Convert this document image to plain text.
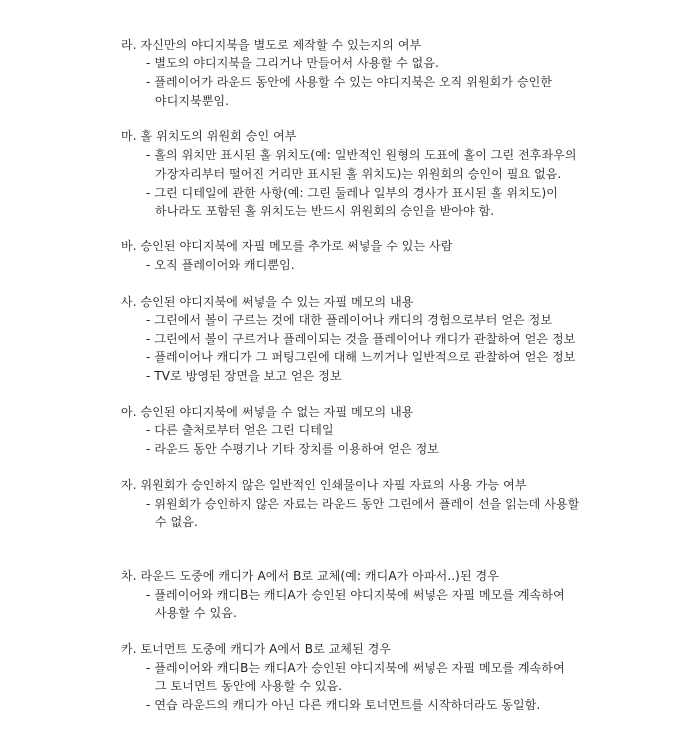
라. 자신만의 야디지북을 별도로 제작할 수 있는지의 여부
- 별도의 야디지북을 그리거나 만들어서 사용할 수 없음.
- 플레이어가 라운드 동안에 사용할 수 있는 야디지북은 오직 위원회가 승인한
야디지북뿐임.
마. 홀 위치도의 위원회 승인 여부
- 홀의 위치만 표시된 홀 위치도(예: 일반적인 원형의 도표에 홀이 그린 전후좌우의
가장자리부터 떨어진 거리만 표시된 홀 위치도)는 위원회의 승인이 필요 없음.
- 그린 디테일에 관한 사항(예: 그린 둘레나 일부의 경사가 표시된 홀 위치도)이
하나라도 포함된 홀 위치도는 반드시 위원회의 승인을 받아야 함.
바. 승인된 야디지북에 자필 메모를 추가로 써넣을 수 있는 사람
- 오직 플레이어와 캐디뿐임.
사. 승인된 야디지북에 써넣을 수 있는 자필 메모의 내용
- 그린에서 볼이 구르는 것에 대한 플레이어나 캐디의 경험으로부터 얻은 정보
- 그린에서 볼이 구르거나 플레이되는 것을 플레이어나 캐디가 관찰하여 얻은 정보
- 플레이어나 캐디가 그 퍼팅그린에 대해 느끼거나 일반적으로 관찰하여 얻은 정보
- TV로 방영된 장면을 보고 얻은 정보
아. 승인된 야디지북에 써넣을 수 없는 자필 메모의 내용
- 다른 출처로부터 얻은 그린 디테일
- 라운드 동안 수평기나 기타 장치를 이용하여 얻은 정보
자. 위원회가 승인하지 않은 일반적인 인쇄물이나 자필 자료의 사용 가능 여부
- 위원회가 승인하지 않은 자료는 라운드 동안 그린에서 플레이 선을 읽는데 사용할
수 없음.
차. 라운드 도중에 캐디가 A에서 B로 교체(예: 캐디A가 아파서..)된 경우
- 플레이어와 캐디B는 캐디A가 승인된 야디지북에 써넣은 자필 메모를 계속하여
사용할 수 있음.
카. 토너먼트 도중에 캐디가 A에서 B로 교체된 경우
- 플레이어와 캐디B는 캐디A가 승인된 야디지북에 써넣은 자필 메모를 계속하여
그 토너먼트 동안에 사용할 수 있음.
- 연습 라운드의 캐디가 아닌 다른 캐디와 토너먼트를 시작하더라도 동일함.
